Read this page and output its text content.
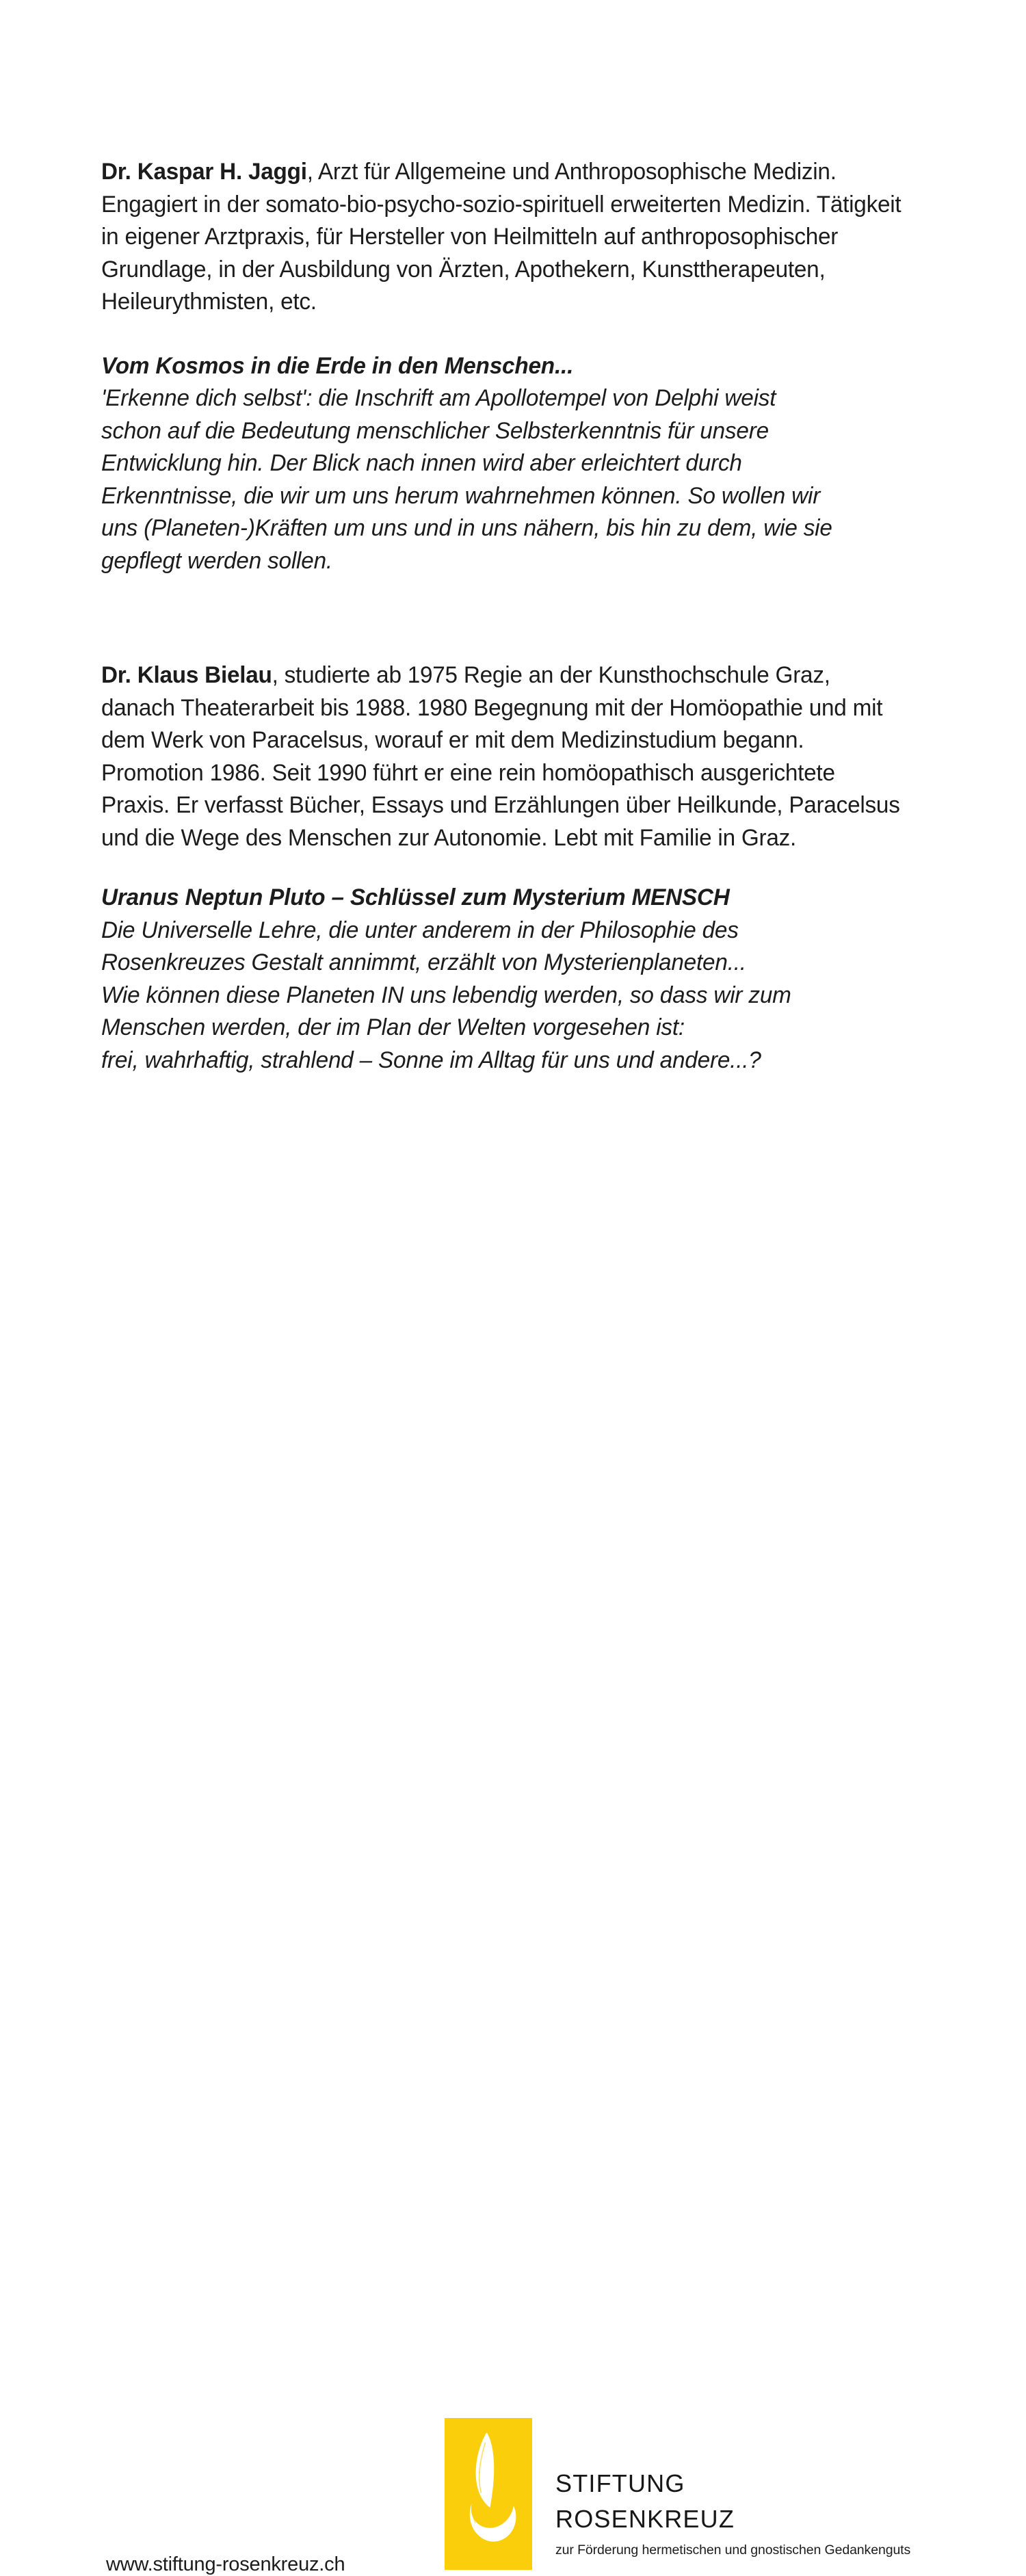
Dr. Kaspar H. Jaggi, Arzt für Allgemeine und Anthroposophische Medizin. Engagiert in der somato-bio-psycho-sozio-spirituell erweiterten Medizin. Tätigkeit in eigener Arztpraxis, für Hersteller von Heilmitteln auf anthroposophischer Grundlage, in der Ausbildung von Ärzten, Apothekern, Kunsttherapeuten, Heileurythmisten, etc.

Vom Kosmos in die Erde in den Menschen...
'Erkenne dich selbst': die Inschrift am Apollotempel von Delphi weist
schon auf die Bedeutung menschlicher Selbsterkenntnis für unsere
Entwicklung hin. Der Blick nach innen wird aber erleichtert durch
Erkenntnisse, die wir um uns herum wahrnehmen können. So wollen wir
uns (Planeten-)Kräften um uns und in uns nähern, bis hin zu dem, wie sie
gepflegt werden sollen.

Dr. Klaus Bielau, studierte ab 1975 Regie an der Kunsthochschule Graz, danach Theaterarbeit bis 1988. 1980 Begegnung mit der Homöopathie und mit dem Werk von Paracelsus, worauf er mit dem Medizinstudium begann. Promotion 1986. Seit 1990 führt er eine rein homöopathisch ausgerichtete Praxis. Er verfasst Bücher, Essays und Erzählungen über Heilkunde, Paracelsus und die Wege des Menschen zur Autonomie. Lebt mit Familie in Graz.

Uranus Neptun Pluto – Schlüssel zum Mysterium MENSCH
Die Universelle Lehre, die unter anderem in der Philosophie des
Rosenkreuzes Gestalt annimmt, erzählt von Mysterienplaneten...
Wie können diese Planeten IN uns lebendig werden, so dass wir zum
Menschen werden, der im Plan der Welten vorgesehen ist:
frei, wahrhaftig, strahlend – Sonne im Alltag für uns und andere...?
www.stiftung-rosenkreuz.ch
STIFTUNG
ROSENKREUZ
zur Förderung hermetischen und gnostischen Gedankenguts
